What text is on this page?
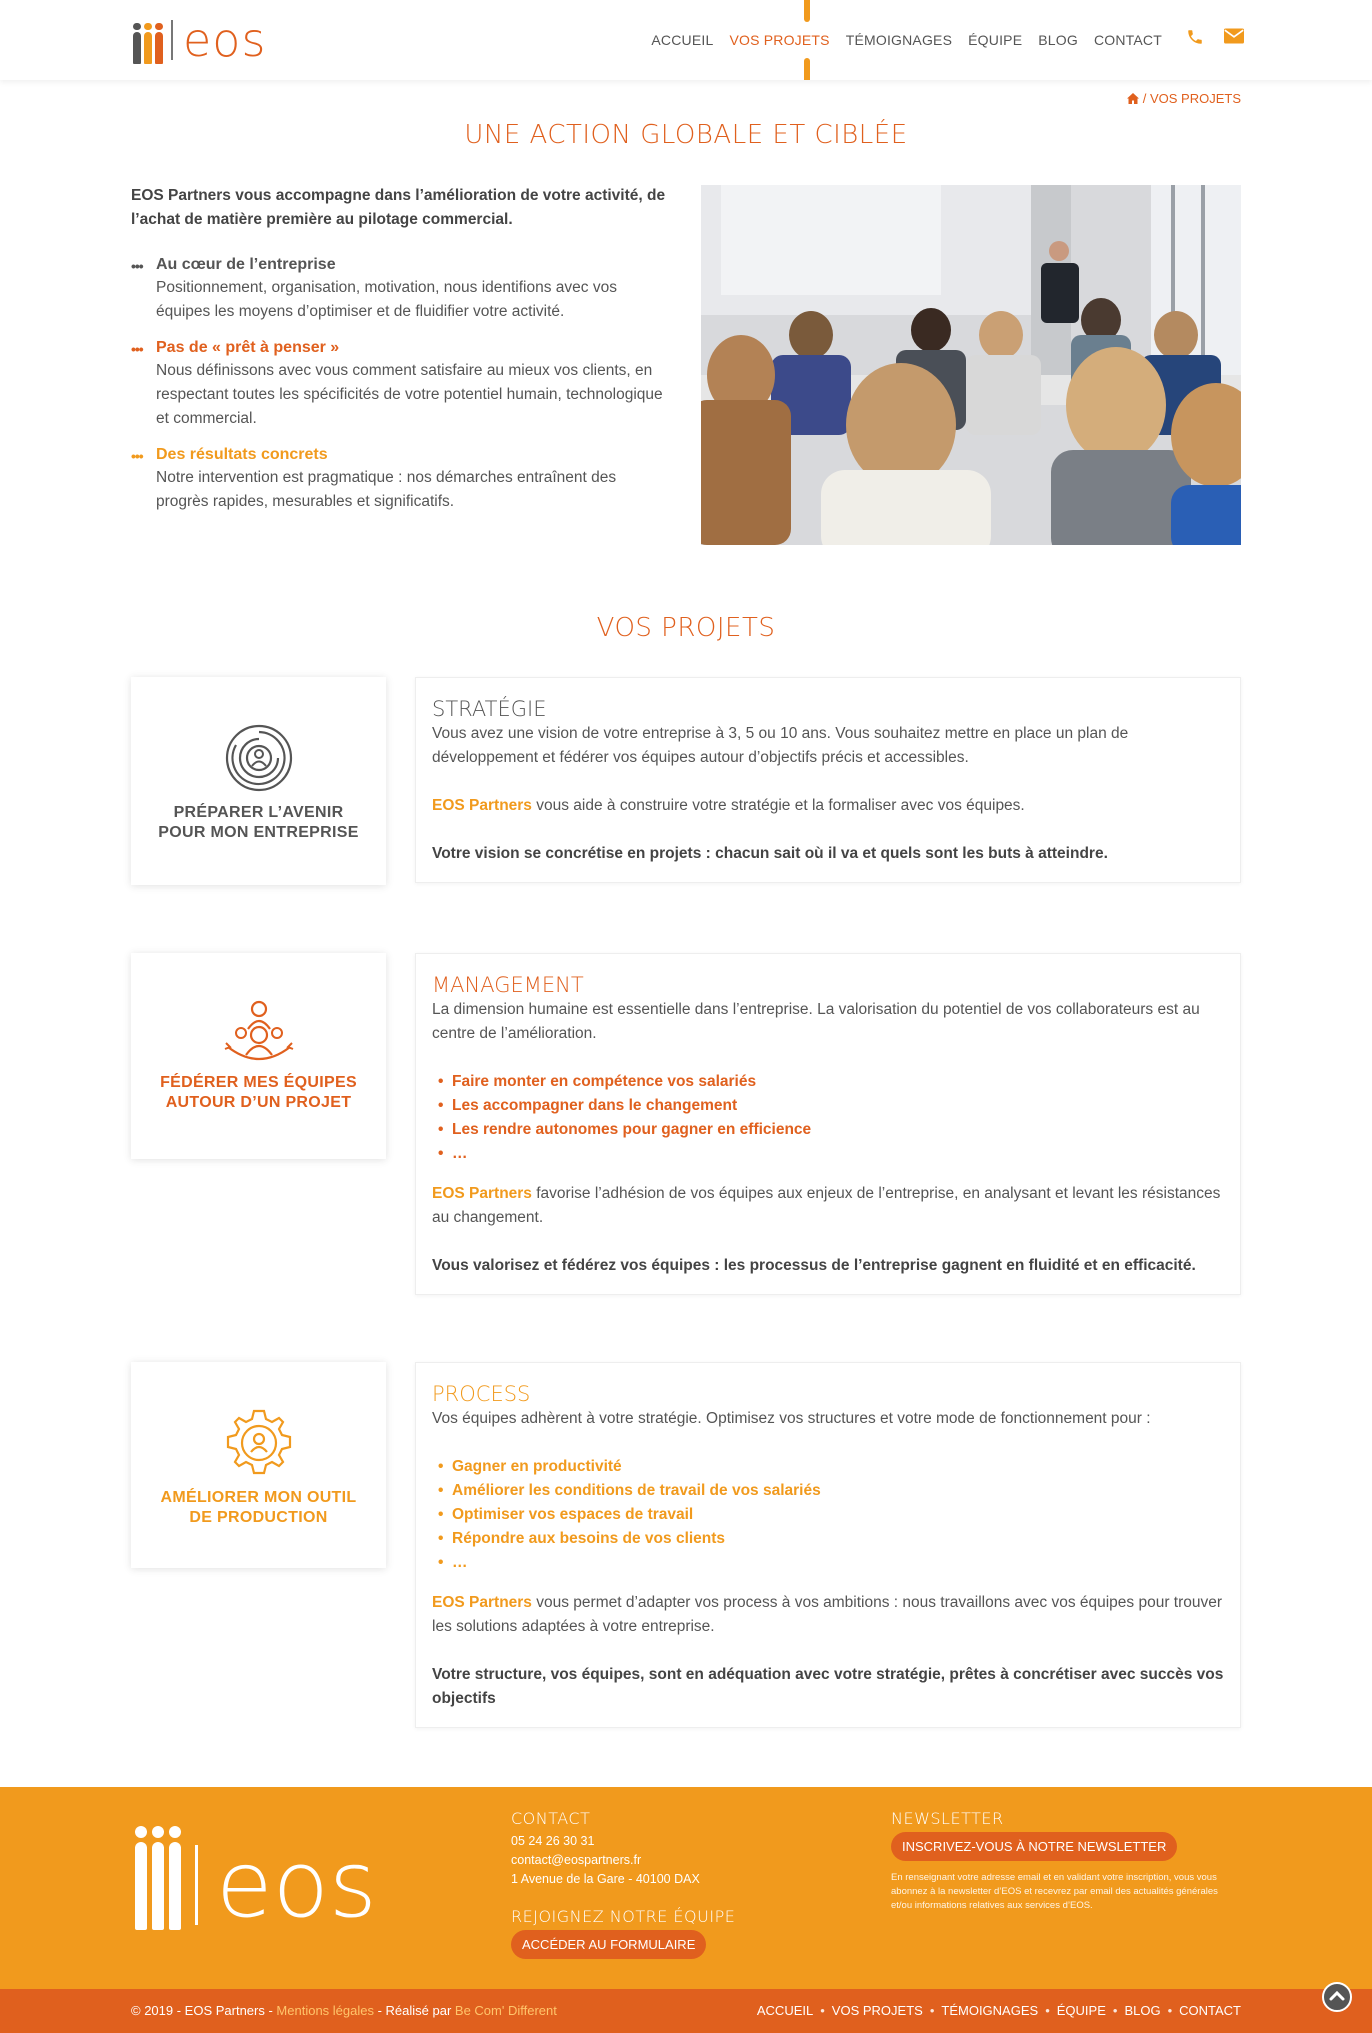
eos	ACCUEIL VOS PROJETS TÉMOIGNAGES ÉQUIPE BLOG CONTACT
/ VOS PROJETS
UNE ACTION GLOBALE ET CIBLÉE

EOS Partners vous accompagne dans l’amélioration de votre activité, de l’achat de matière première au pilotage commercial.

••• Au cœur de l’entreprise
Positionnement, organisation, motivation, nous identifions avec vos équipes les moyens d’optimiser et de fluidifier votre activité.
••• Pas de « prêt à penser »
Nous définissons avec vous comment satisfaire au mieux vos clients, en respectant toutes les spécificités de votre potentiel humain, technologique et commercial.
••• Des résultats concrets
Notre intervention est pragmatique : nos démarches entraînent des progrès rapides, mesurables et significatifs.
VOS PROJETS
PRÉPARER L’AVENIR
POUR MON ENTREPRISE
STRATÉGIE

Vous avez une vision de votre entreprise à 3, 5 ou 10 ans. Vous souhaitez mettre en place un plan de développement et fédérer vos équipes autour d’objectifs précis et accessibles.

EOS Partners vous aide à construire votre stratégie et la formaliser avec vos équipes.

Votre vision se concrétise en projets : chacun sait où il va et quels sont les buts à atteindre.

FÉDÉRER MES ÉQUIPES
AUTOUR D’UN PROJET
MANAGEMENT

La dimension humaine est essentielle dans l’entreprise. La valorisation du potentiel de vos collaborateurs est au centre de l’amélioration.

• Faire monter en compétence vos salariés
• Les accompagner dans le changement
• Les rendre autonomes pour gagner en efficience
• …

EOS Partners favorise l’adhésion de vos équipes aux enjeux de l’entreprise, en analysant et levant les résistances au changement.

Vous valorisez et fédérez vos équipes : les processus de l’entreprise gagnent en fluidité et en efficacité.

AMÉLIORER MON OUTIL
DE PRODUCTION
PROCESS

Vos équipes adhèrent à votre stratégie. Optimisez vos structures et votre mode de fonctionnement pour :

• Gagner en productivité
• Améliorer les conditions de travail de vos salariés
• Optimiser vos espaces de travail
• Répondre aux besoins de vos clients
• …

EOS Partners vous permet d’adapter vos process à vos ambitions : nous travaillons avec vos équipes pour trouver les solutions adaptées à votre entreprise.

Votre structure, vos équipes, sont en adéquation avec votre stratégie, prêtes à concrétiser avec succès vos objectifs

eos
CONTACT
05 24 26 30 31
contact@eospartners.fr
1 Avenue de la Gare - 40100 DAX
REJOIGNEZ NOTRE ÉQUIPE
ACCÉDER AU FORMULAIRE
NEWSLETTER
INSCRIVEZ-VOUS À NOTRE NEWSLETTER
En renseignant votre adresse email et en validant votre inscription, vous vous abonnez à la newsletter d’EOS et recevrez par email des actualités générales et/ou informations relatives aux services d’EOS.
© 2019 - EOS Partners - Mentions légales - Réalisé par Be Com' Different	ACCUEIL • VOS PROJETS • TÉMOIGNAGES • ÉQUIPE • BLOG • CONTACT
